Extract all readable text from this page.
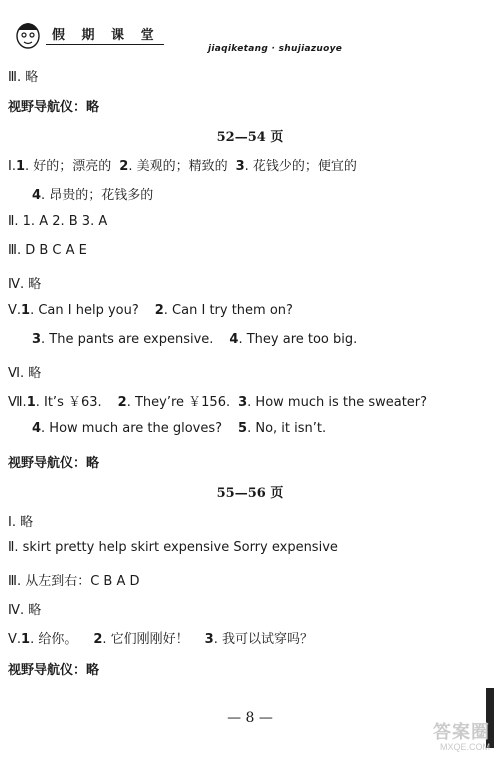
假 期 课 堂
jiaqiketang · shujiazuoye
Ⅲ. 略
视野导航仪：略
52—54 页
Ⅰ.1. 好的；漂亮的 2. 美观的；精致的 3. 花钱少的；便宜的
4. 昂贵的；花钱多的
Ⅱ. 1. A 2. B 3. A
Ⅲ. D B C A E
Ⅳ. 略
Ⅴ.1. Can I help you? 2. Can I try them on?
3. The pants are expensive. 4. They are too big.
Ⅵ. 略
Ⅶ.1. It’s ￥63. 2. They’re ￥156. 3. How much is the sweater?
4. How much are the gloves? 5. No, it isn’t.
视野导航仪：略
55—56 页
Ⅰ. 略
Ⅱ. skirt pretty help skirt expensive Sorry expensive
Ⅲ. 从左到右：C B A D
Ⅳ. 略
Ⅴ.1. 给你。 2. 它们刚刚好！ 3. 我可以试穿吗？
视野导航仪：略
— 8 —
答案圈
MXQE.COM
